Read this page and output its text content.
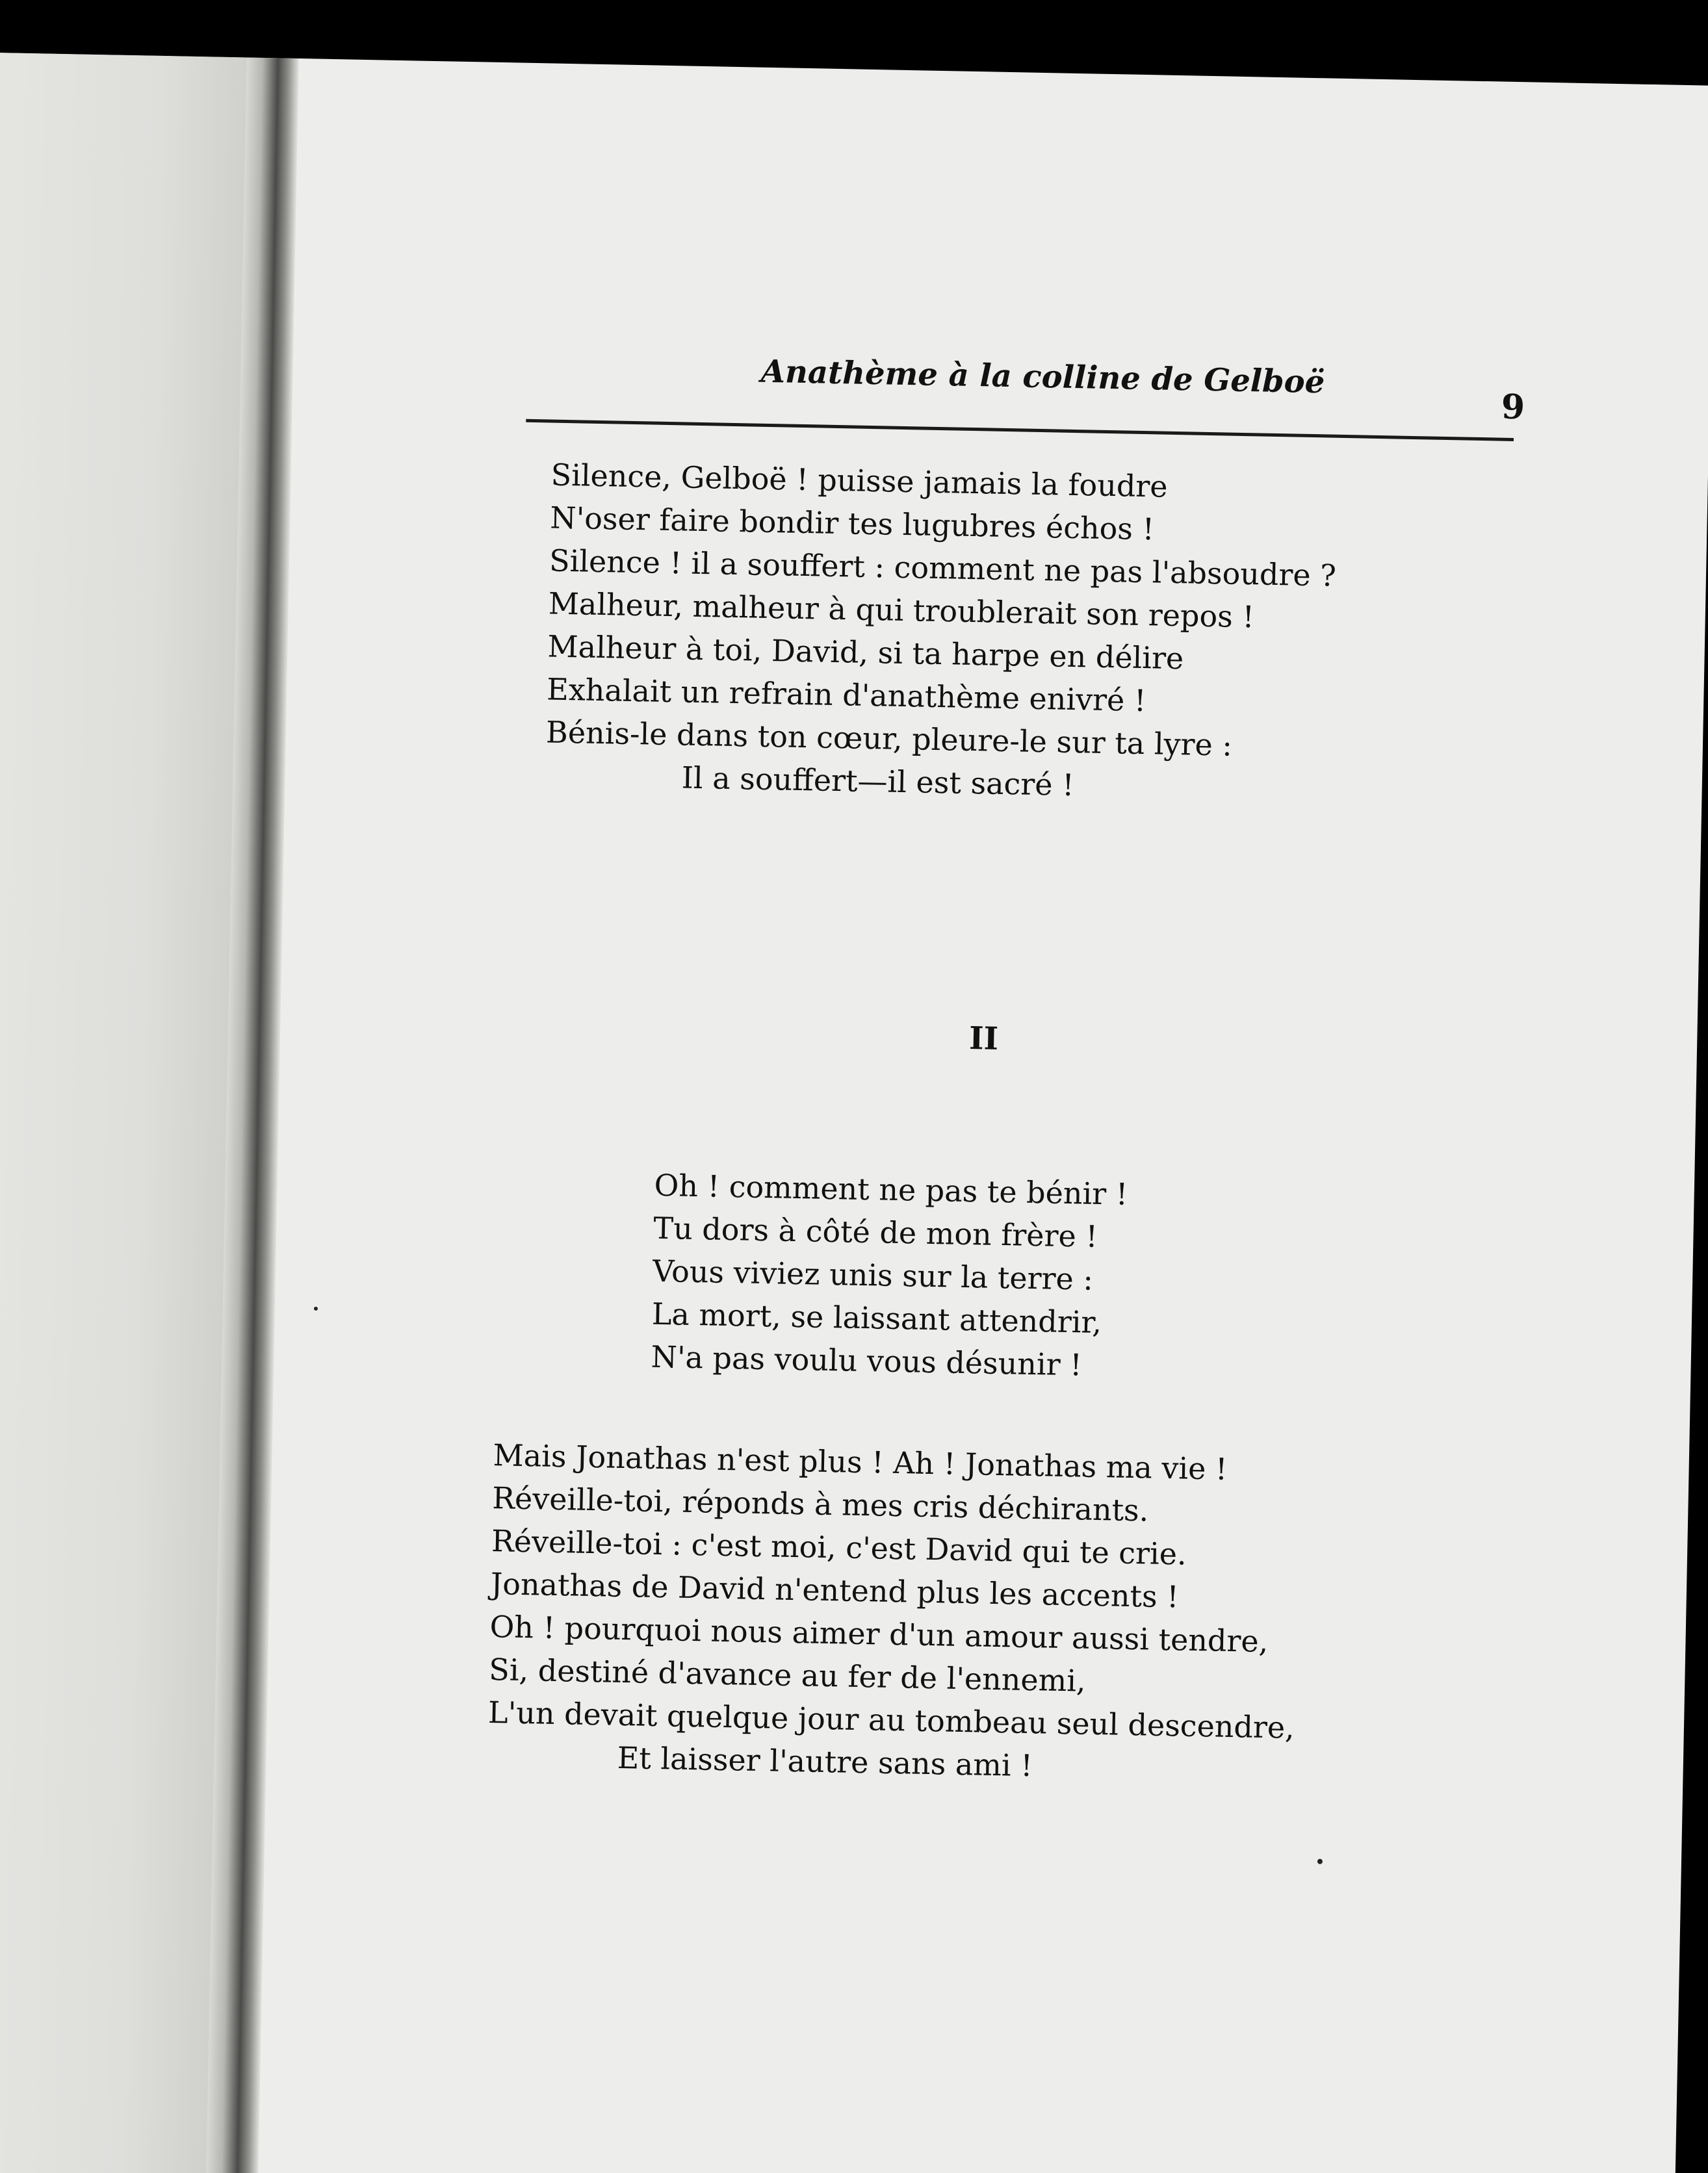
Anathème à la colline de Gelboë
9
Silence, Gelboë ! puisse jamais la foudre
N'oser faire bondir tes lugubres échos !
Silence ! il a souffert : comment ne pas l'absoudre ?
Malheur, malheur à qui troublerait son repos !
Malheur à toi, David, si ta harpe en délire
Exhalait un refrain d'anathème enivré !
Bénis-le dans ton cœur, pleure-le sur ta lyre :
Il a souffert—il est sacré !
II
Oh ! comment ne pas te bénir !
Tu dors à côté de mon frère !
Vous viviez unis sur la terre :
La mort, se laissant attendrir,
N'a pas voulu vous désunir !
Mais Jonathas n'est plus ! Ah ! Jonathas ma vie !
Réveille-toi, réponds à mes cris déchirants.
Réveille-toi : c'est moi, c'est David qui te crie.
Jonathas de David n'entend plus les accents !
Oh ! pourquoi nous aimer d'un amour aussi tendre,
Si, destiné d'avance au fer de l'ennemi,
L'un devait quelque jour au tombeau seul descendre,
Et laisser l'autre sans ami !
